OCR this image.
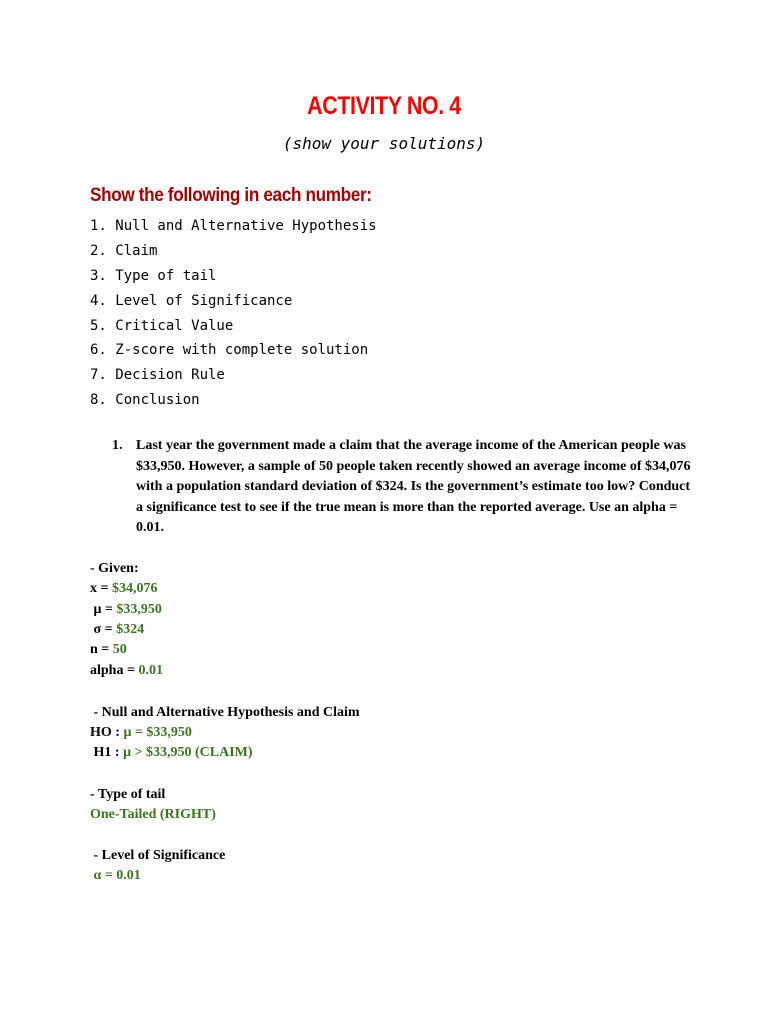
ACTIVITY NO. 4
(show your solutions)
Show the following in each number:
1. Null and Alternative Hypothesis
2. Claim
3. Type of tail
4. Level of Significance
5. Critical Value
6. Z-score with complete solution
7. Decision Rule
8. Conclusion
1. Last year the government made a claim that the average income of the American people was $33,950. However, a sample of 50 people taken recently showed an average income of $34,076 with a population standard deviation of $324. Is the government’s estimate too low? Conduct a significance test to see if the true mean is more than the reported average. Use an alpha = 0.01.
- Given:
x = $34,076
μ = $33,950
σ = $324
n = 50
alpha = 0.01
- Null and Alternative Hypothesis and Claim
HO : μ = $33,950
H1 : μ > $33,950 (CLAIM)
- Type of tail
One-Tailed (RIGHT)
- Level of Significance
α = 0.01
